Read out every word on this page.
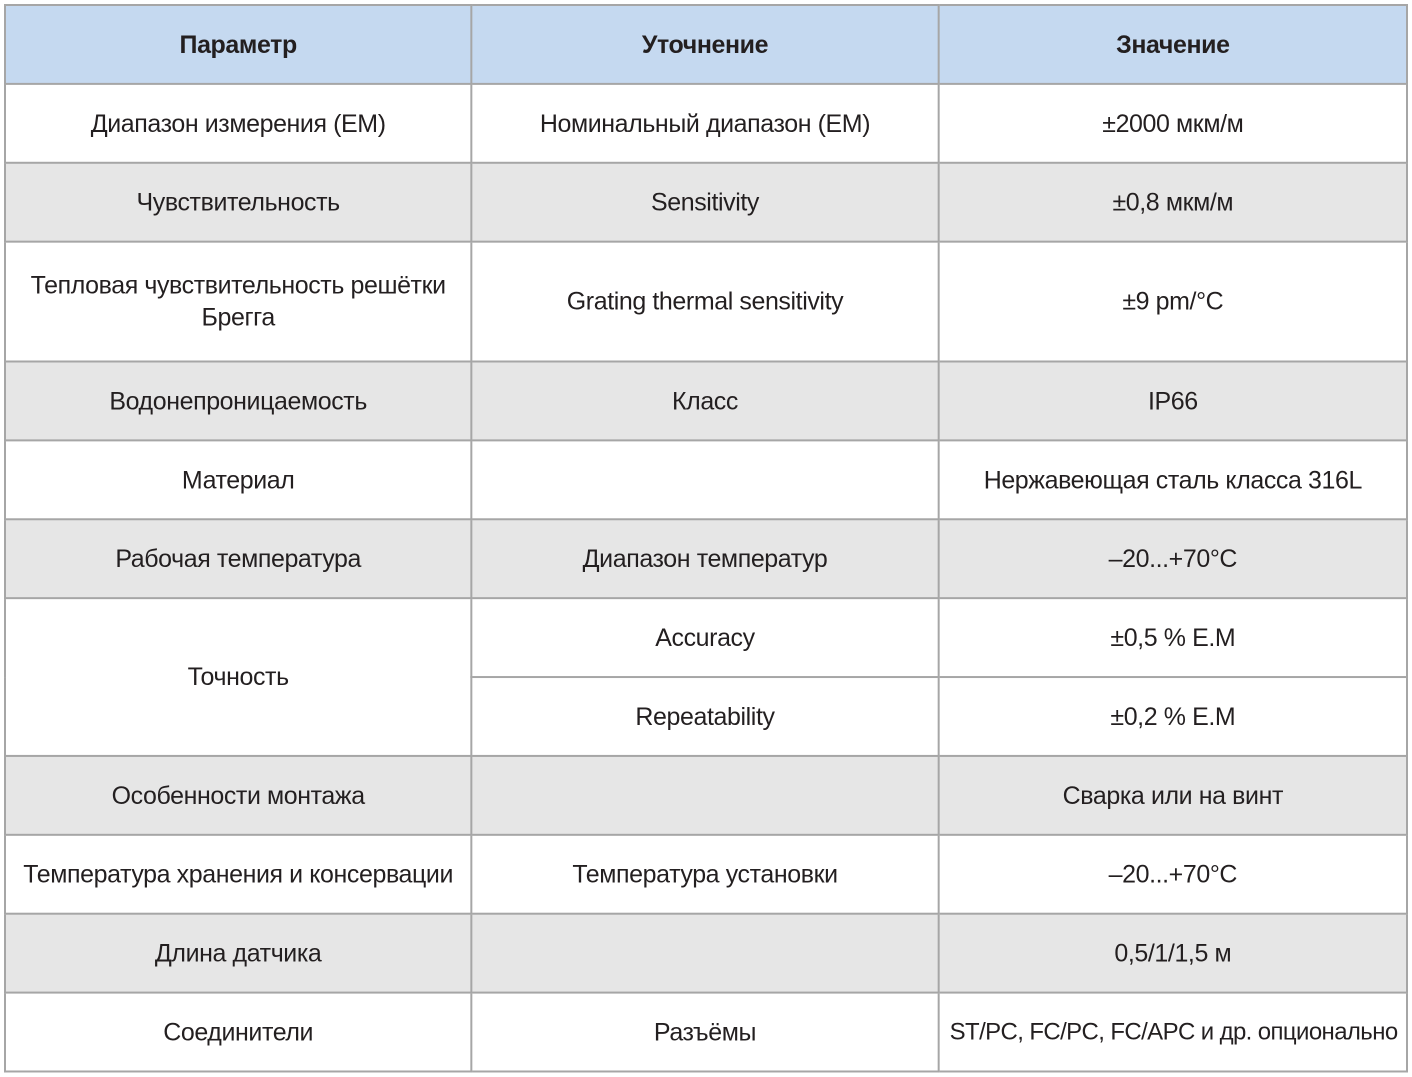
Параметр	Уточнение	Значение
Диапазон измерения (ЕМ)	Номинальный диапазон (ЕМ)	±2000 мкм/м
Чувствительность	Sensitivity	±0,8 мкм/м
Тепловая чувствительность решётки Брегга	Grating thermal sensitivity	±9 pm/°C
Водонепроницаемость	Класс	IP66
Материал		Нержавеющая сталь класса 316L
Рабочая температура	Диапазон температур	–20...+70°C
Точность	Accuracy	±0,5 % E.M
	Repeatability	±0,2 % E.M
Особенности монтажа		Сварка или на винт
Температура хранения и консервации	Температура установки	–20...+70°C
Длина датчика		0,5/1/1,5 м
Соединители	Разъёмы	ST/PC, FC/PC, FC/APC и др. опционально
